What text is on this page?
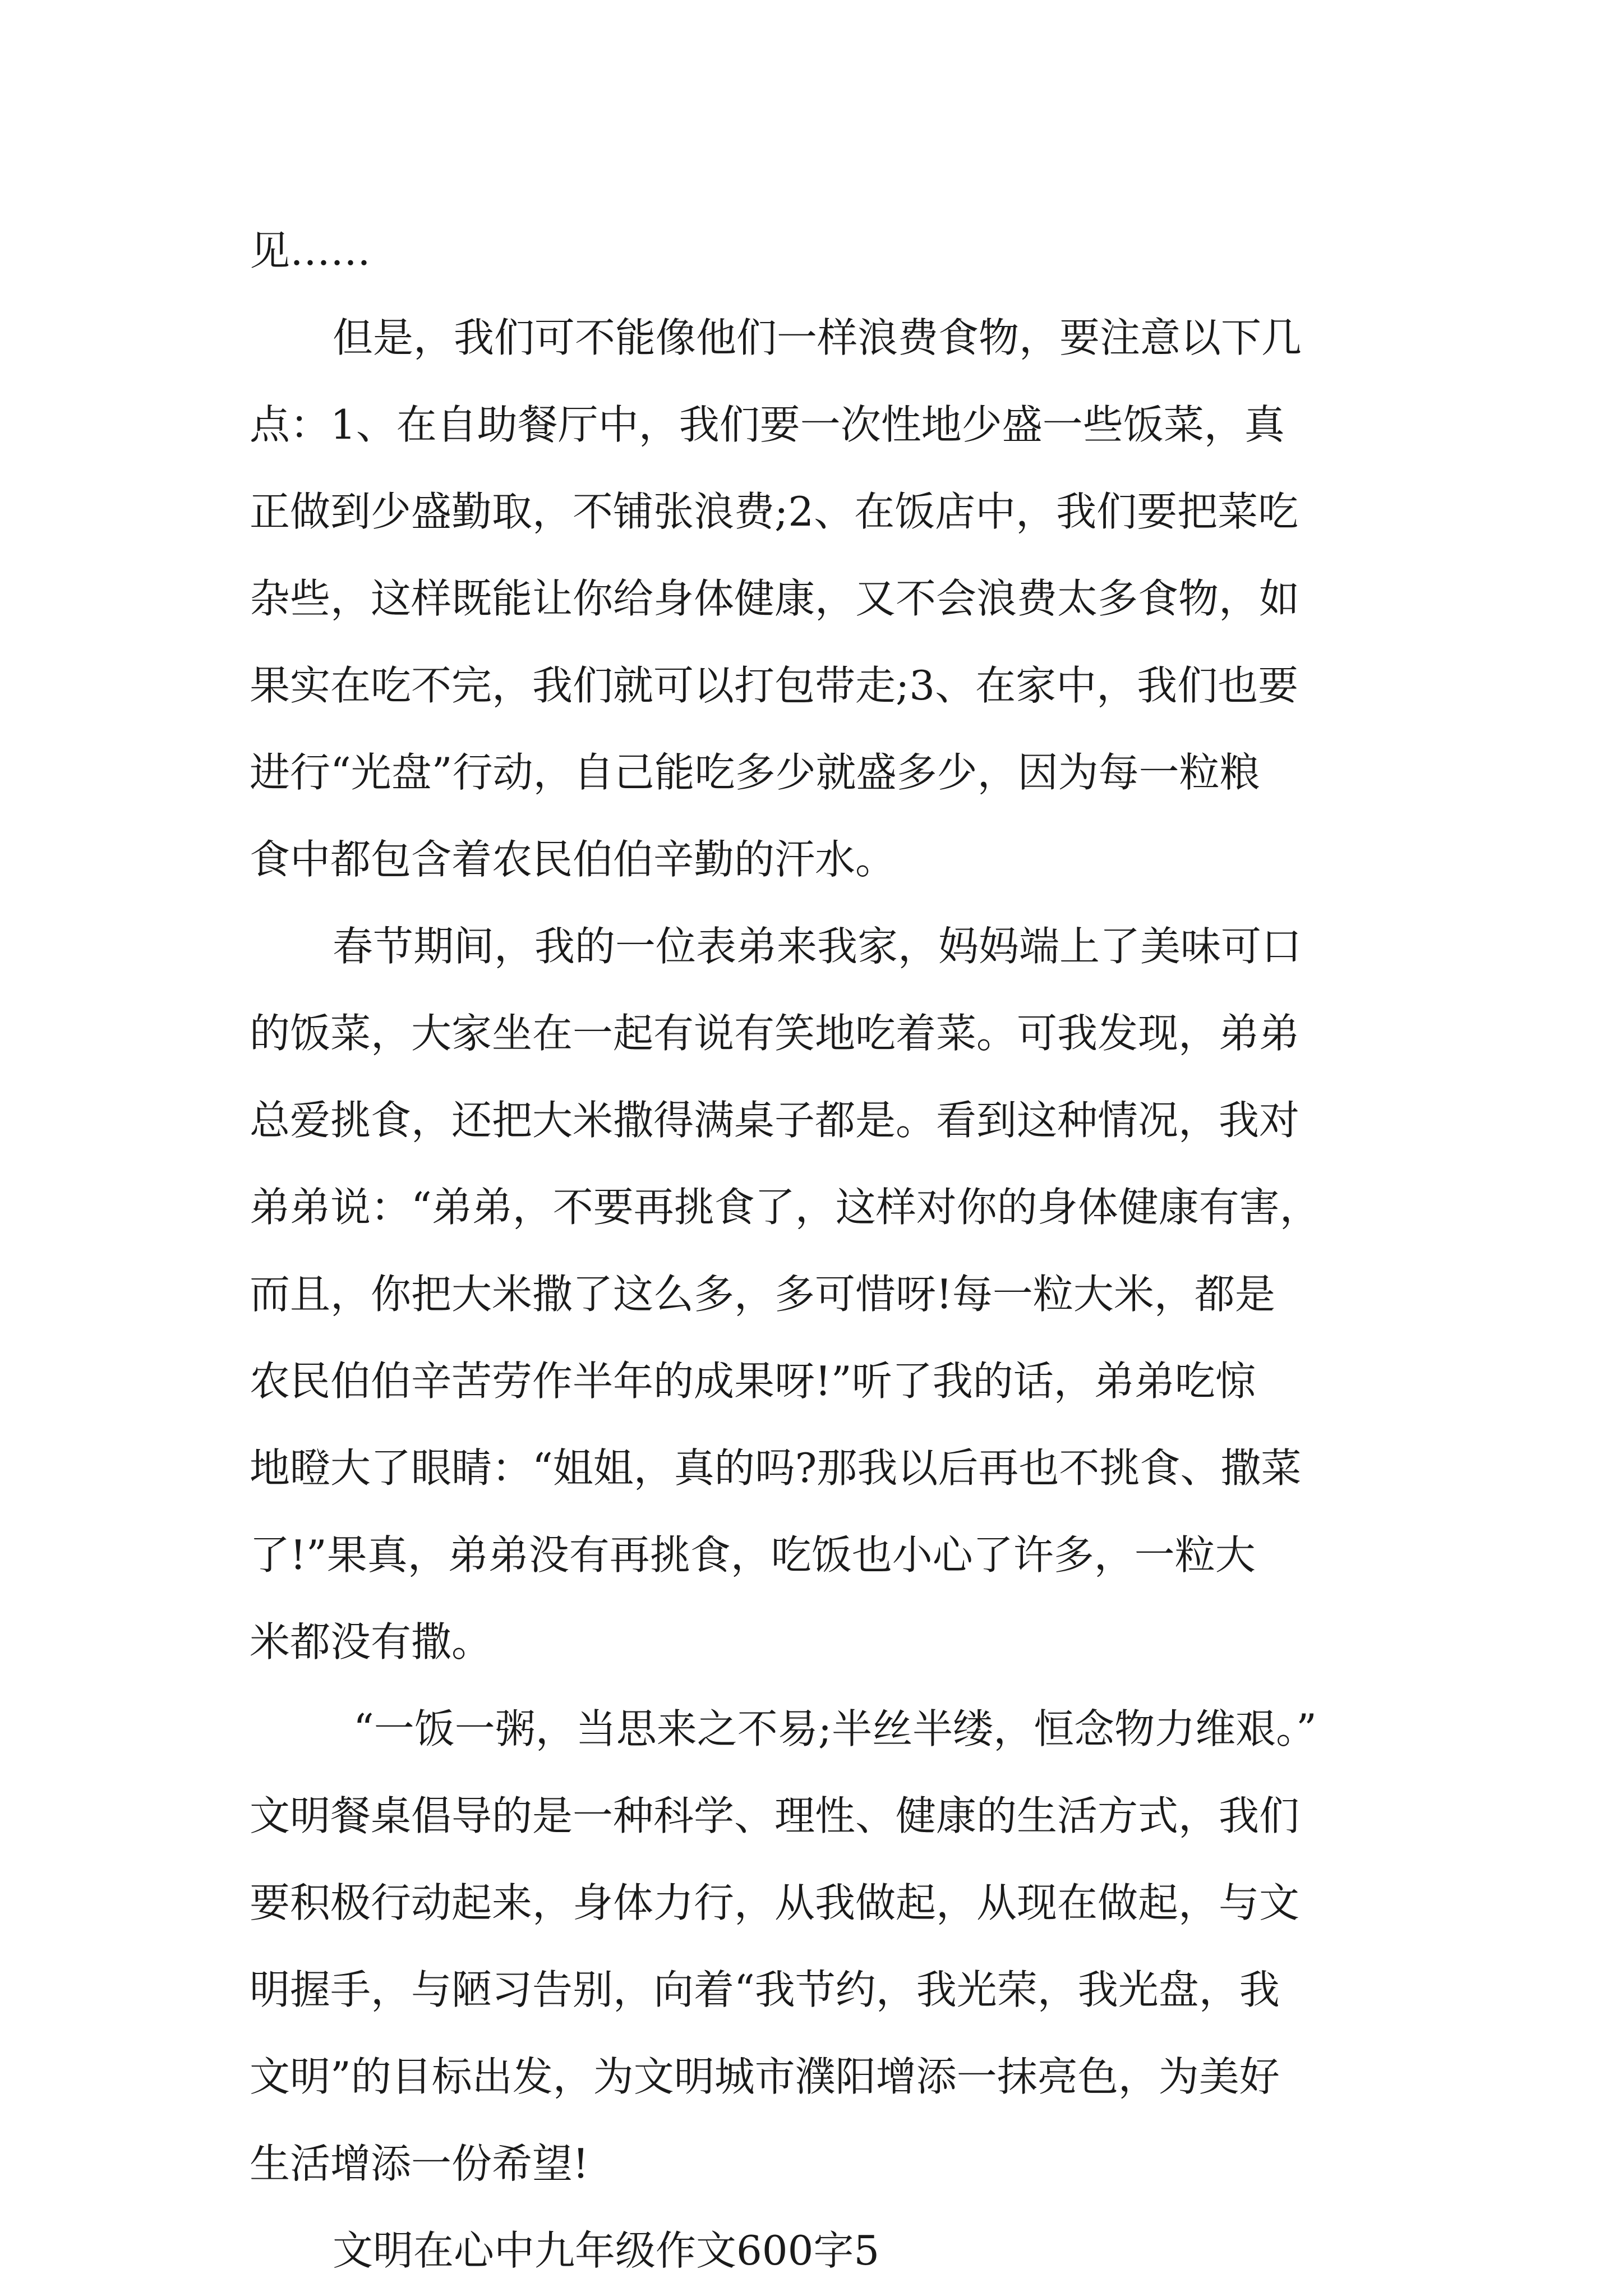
见……
但是，我们可不能像他们一样浪费食物，要注意以下几
点：1、在自助餐厅中，我们要一次性地少盛一些饭菜，真
正做到少盛勤取，不铺张浪费;2、在饭店中，我们要把菜吃
杂些，这样既能让你给身体健康，又不会浪费太多食物，如
果实在吃不完，我们就可以打包带走;3、在家中，我们也要
进行“光盘”行动，自己能吃多少就盛多少，因为每一粒粮
食中都包含着农民伯伯辛勤的汗水。
春节期间，我的一位表弟来我家，妈妈端上了美味可口
的饭菜，大家坐在一起有说有笑地吃着菜。可我发现，弟弟
总爱挑食，还把大米撒得满桌子都是。看到这种情况，我对
弟弟说：“弟弟，不要再挑食了，这样对你的身体健康有害，
而且，你把大米撒了这么多，多可惜呀!每一粒大米，都是
农民伯伯辛苦劳作半年的成果呀!”听了我的话，弟弟吃惊
地瞪大了眼睛：“姐姐，真的吗?那我以后再也不挑食、撒菜
了!”果真，弟弟没有再挑食，吃饭也小心了许多，一粒大
米都没有撒。
“一饭一粥，当思来之不易;半丝半缕，恒念物力维艰。”
文明餐桌倡导的是一种科学、理性、健康的生活方式，我们
要积极行动起来，身体力行，从我做起，从现在做起，与文
明握手，与陋习告别，向着“我节约，我光荣，我光盘，我
文明”的目标出发，为文明城市濮阳增添一抹亮色，为美好
生活增添一份希望!
文明在心中九年级作文600字5
